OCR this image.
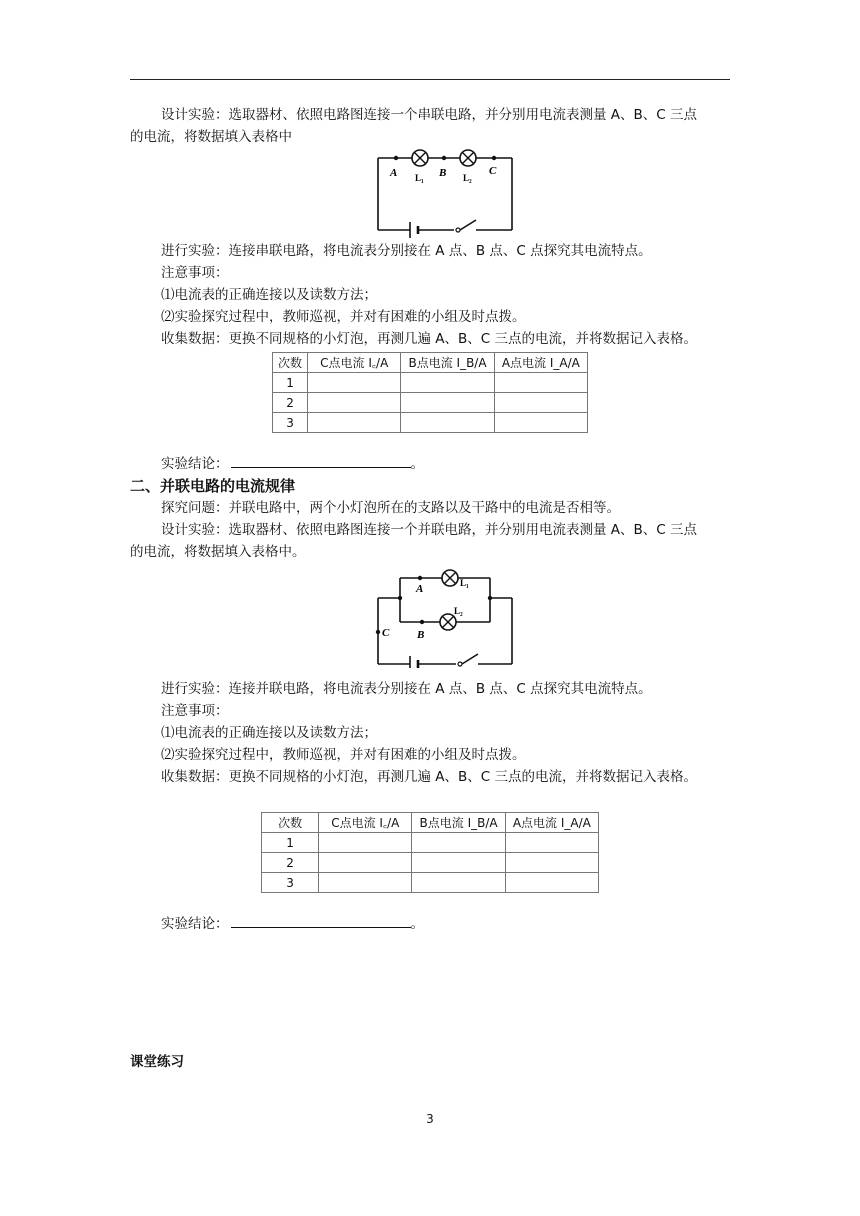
设计实验：选取器材、依照电路图连接一个串联电路，并分别用电流表测量 A、B、C 三点
的电流，将数据填入表格中
A	B	C
L₁	L₂
进行实验：连接串联电路，将电流表分别接在 A 点、B 点、C 点探究其电流特点。
注意事项：
⑴电流表的正确连接以及读数方法；
⑵实验探究过程中，教师巡视，并对有困难的小组及时点拨。
收集数据：更换不同规格的小灯泡，再测几遍 A、B、C 三点的电流，并将数据记入表格。
次数	C点电流 I꜀/A	B点电流 I_B/A	A点电流 I_A/A
1			
2			
3			
实验结论：	。
二、并联电路的电流规律
探究问题：并联电路中，两个小灯泡所在的支路以及干路中的电流是否相等。
设计实验：选取器材、依照电路图连接一个并联电路，并分别用电流表测量 A、B、C 三点
的电流，将数据填入表格中。
A
B
C
L₁
L₂
进行实验：连接并联电路，将电流表分别接在 A 点、B 点、C 点探究其电流特点。
注意事项：
⑴电流表的正确连接以及读数方法；
⑵实验探究过程中，教师巡视，并对有困难的小组及时点拨。
收集数据：更换不同规格的小灯泡，再测几遍 A、B、C 三点的电流，并将数据记入表格。
次数	C点电流 I꜀/A	B点电流 I_B/A	A点电流 I_A/A
1			
2			
3			
实验结论：	。
课堂练习
3
